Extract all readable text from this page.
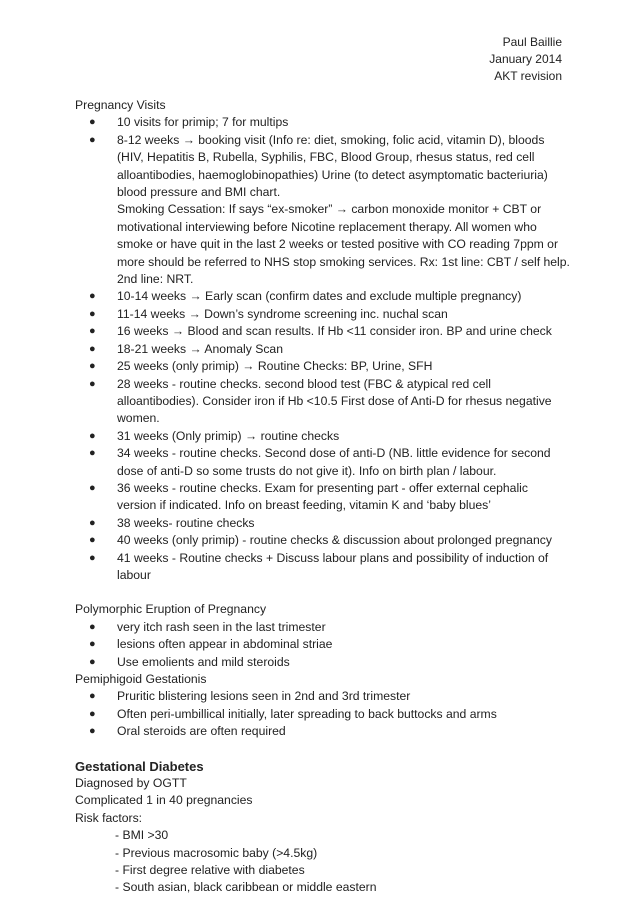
Paul Baillie
January 2014
AKT revision
Pregnancy Visits
● 10 visits for primip; 7 for multips
● 8-12 weeks → booking visit (Info re: diet, smoking, folic acid, vitamin D), bloods (HIV, Hepatitis B, Rubella, Syphilis, FBC, Blood Group, rhesus status, red cell alloantibodies, haemoglobinopathies) Urine (to detect asymptomatic bacteriuria) blood pressure and BMI chart.
Smoking Cessation: If says “ex-smoker” → carbon monoxide monitor + CBT or motivational interviewing before Nicotine replacement therapy. All women who smoke or have quit in the last 2 weeks or tested positive with CO reading 7ppm or more should be referred to NHS stop smoking services. Rx: 1st line: CBT / self help. 2nd line: NRT.
● 10-14 weeks → Early scan (confirm dates and exclude multiple pregnancy)
● 11-14 weeks → Down’s syndrome screening inc. nuchal scan
● 16 weeks → Blood and scan results. If Hb <11 consider iron. BP and urine check
● 18-21 weeks → Anomaly Scan
● 25 weeks (only primip) → Routine Checks: BP, Urine, SFH
● 28 weeks - routine checks. second blood test (FBC & atypical red cell alloantibodies). Consider iron if Hb <10.5 First dose of Anti-D for rhesus negative women.
● 31 weeks (Only primip) → routine checks
● 34 weeks - routine checks. Second dose of anti-D (NB. little evidence for second dose of anti-D so some trusts do not give it). Info on birth plan / labour.
● 36 weeks - routine checks. Exam for presenting part - offer external cephalic version if indicated. Info on breast feeding, vitamin K and ‘baby blues’
● 38 weeks- routine checks
● 40 weeks (only primip) - routine checks & discussion about prolonged pregnancy
● 41 weeks - Routine checks + Discuss labour plans and possibility of induction of labour
Polymorphic Eruption of Pregnancy
● very itch rash seen in the last trimester
● lesions often appear in abdominal striae
● Use emolients and mild steroids
Pemiphigoid Gestationis
● Pruritic blistering lesions seen in 2nd and 3rd trimester
● Often peri-umbillical initially, later spreading to back buttocks and arms
● Oral steroids are often required
Gestational Diabetes
Diagnosed by OGTT
Complicated 1 in 40 pregnancies
Risk factors:
- BMI >30
- Previous macrosomic baby (>4.5kg)
- First degree relative with diabetes
- South asian, black caribbean or middle eastern
